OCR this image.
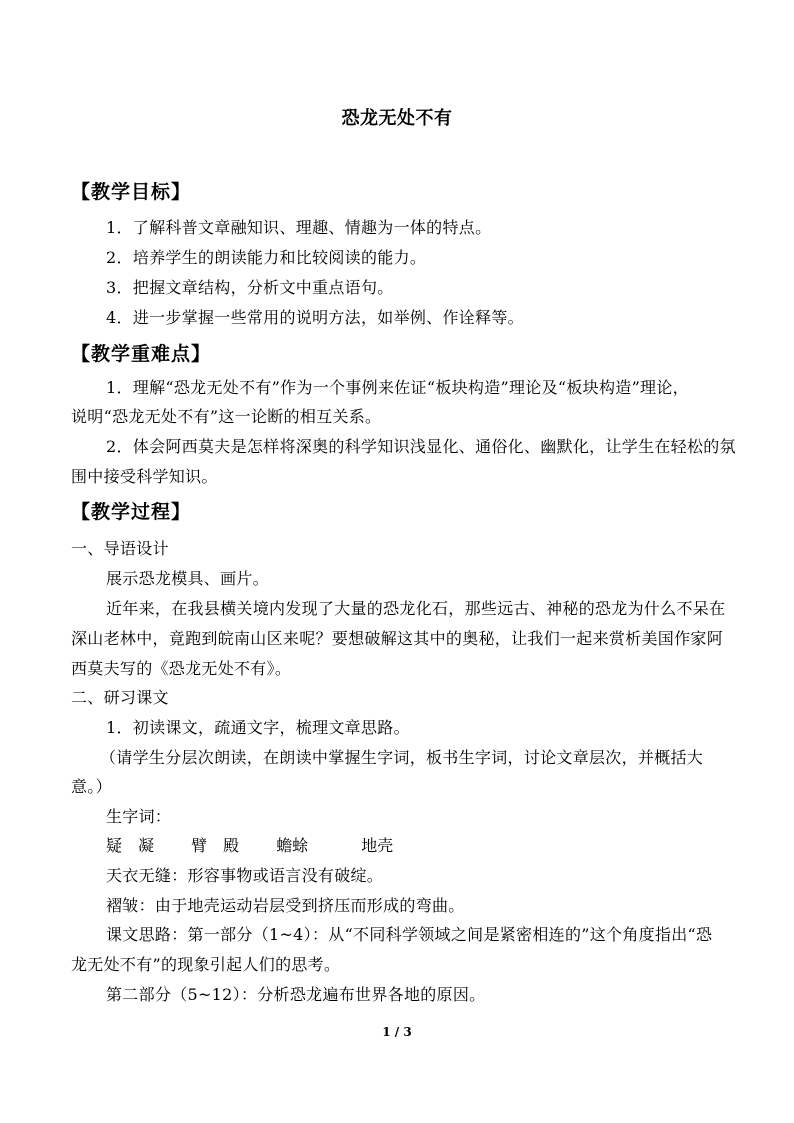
恐龙无处不有
【教学目标】
1．了解科普文章融知识、理趣、情趣为一体的特点。
2．培养学生的朗读能力和比较阅读的能力。
3．把握文章结构，分析文中重点语句。
4．进一步掌握一些常用的说明方法，如举例、作诠释等。
【教学重难点】
1．理解“恐龙无处不有”作为一个事例来佐证“板块构造”理论及“板块构造”理论，
说明“恐龙无处不有”这一论断的相互关系。
2．体会阿西莫夫是怎样将深奥的科学知识浅显化、通俗化、幽默化，让学生在轻松的氛
围中接受科学知识。
【教学过程】
一、导语设计
展示恐龙模具、画片。
近年来，在我县横关境内发现了大量的恐龙化石，那些远古、神秘的恐龙为什么不呆在
深山老林中，竟跑到皖南山区来呢？要想破解这其中的奥秘，让我们一起来赏析美国作家阿
西莫夫写的《恐龙无处不有》。
二、研习课文
1．初读课文，疏通文字，梳理文章思路。
（请学生分层次朗读，在朗读中掌握生字词，板书生字词，讨论文章层次，并概括大
意。）
生字词：
疑　凝 臂　殿 蟾蜍	地壳
天衣无缝：形容事物或语言没有破绽。
褶皱：由于地壳运动岩层受到挤压而形成的弯曲。
课文思路：第一部分（1~4）：从“不同科学领域之间是紧密相连的”这个角度指出“恐
龙无处不有”的现象引起人们的思考。
第二部分（5~12）：分析恐龙遍布世界各地的原因。
1 / 3
